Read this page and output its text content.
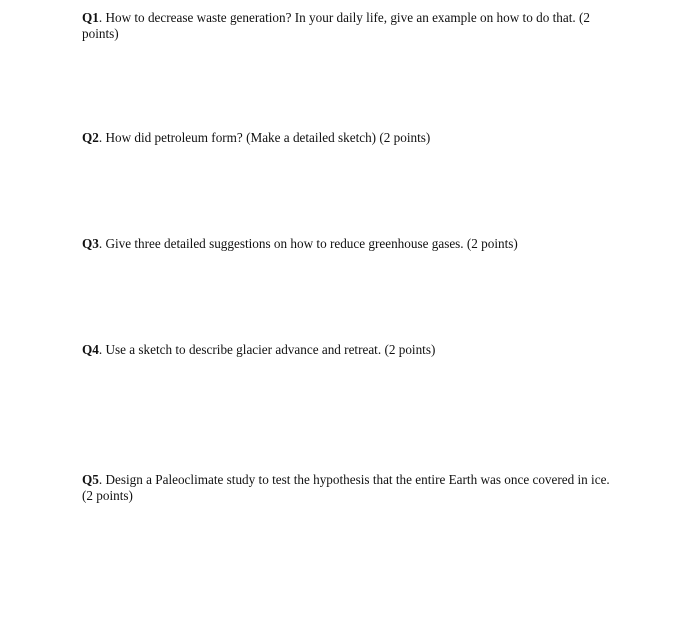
Q1. How to decrease waste generation? In your daily life, give an example on how to do that. (2 points)

Q2. How did petroleum form? (Make a detailed sketch) (2 points)

Q3. Give three detailed suggestions on how to reduce greenhouse gases. (2 points)

Q4. Use a sketch to describe glacier advance and retreat. (2 points)

Q5. Design a Paleoclimate study to test the hypothesis that the entire Earth was once covered in ice. (2 points)
